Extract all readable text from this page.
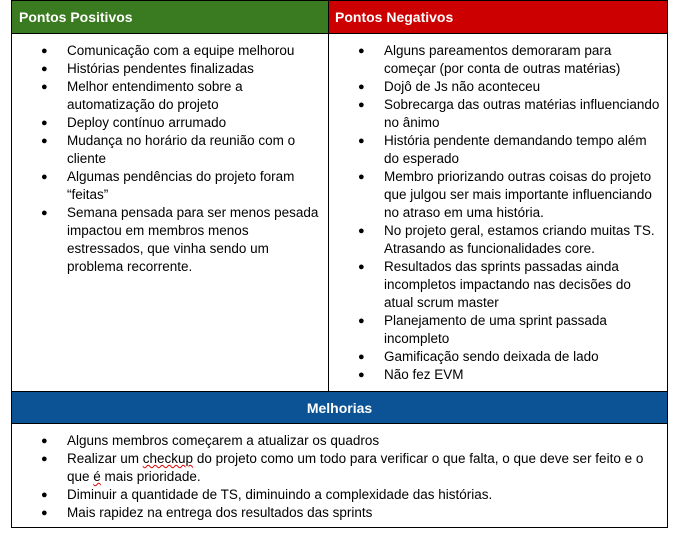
Pontos Positivos	Pontos Negativos
● Comunicação com a equipe melhorou
● Histórias pendentes finalizadas
● Melhor entendimento sobre a automatização do projeto
● Deploy contínuo arrumado
● Mudança no horário da reunião com o cliente
● Algumas pendências do projeto foram “feitas”
● Semana pensada para ser menos pesada impactou em membros menos estressados, que vinha sendo um problema recorrente.
● Alguns pareamentos demoraram para começar (por conta de outras matérias)
● Dojô de Js não aconteceu
● Sobrecarga das outras matérias influenciando no ânimo
● História pendente demandando tempo além do esperado
● Membro priorizando outras coisas do projeto que julgou ser mais importante influenciando no atraso em uma história.
● No projeto geral, estamos criando muitas TS. Atrasando as funcionalidades core.
● Resultados das sprints passadas ainda incompletos impactando nas decisões do atual scrum master
● Planejamento de uma sprint passada incompleto
● Gamificação sendo deixada de lado
● Não fez EVM
Melhorias
● Alguns membros começarem a atualizar os quadros
● Realizar um checkup do projeto como um todo para verificar o que falta, o que deve ser feito e o que é mais prioridade.
● Diminuir a quantidade de TS, diminuindo a complexidade das histórias.
● Mais rapidez na entrega dos resultados das sprints
